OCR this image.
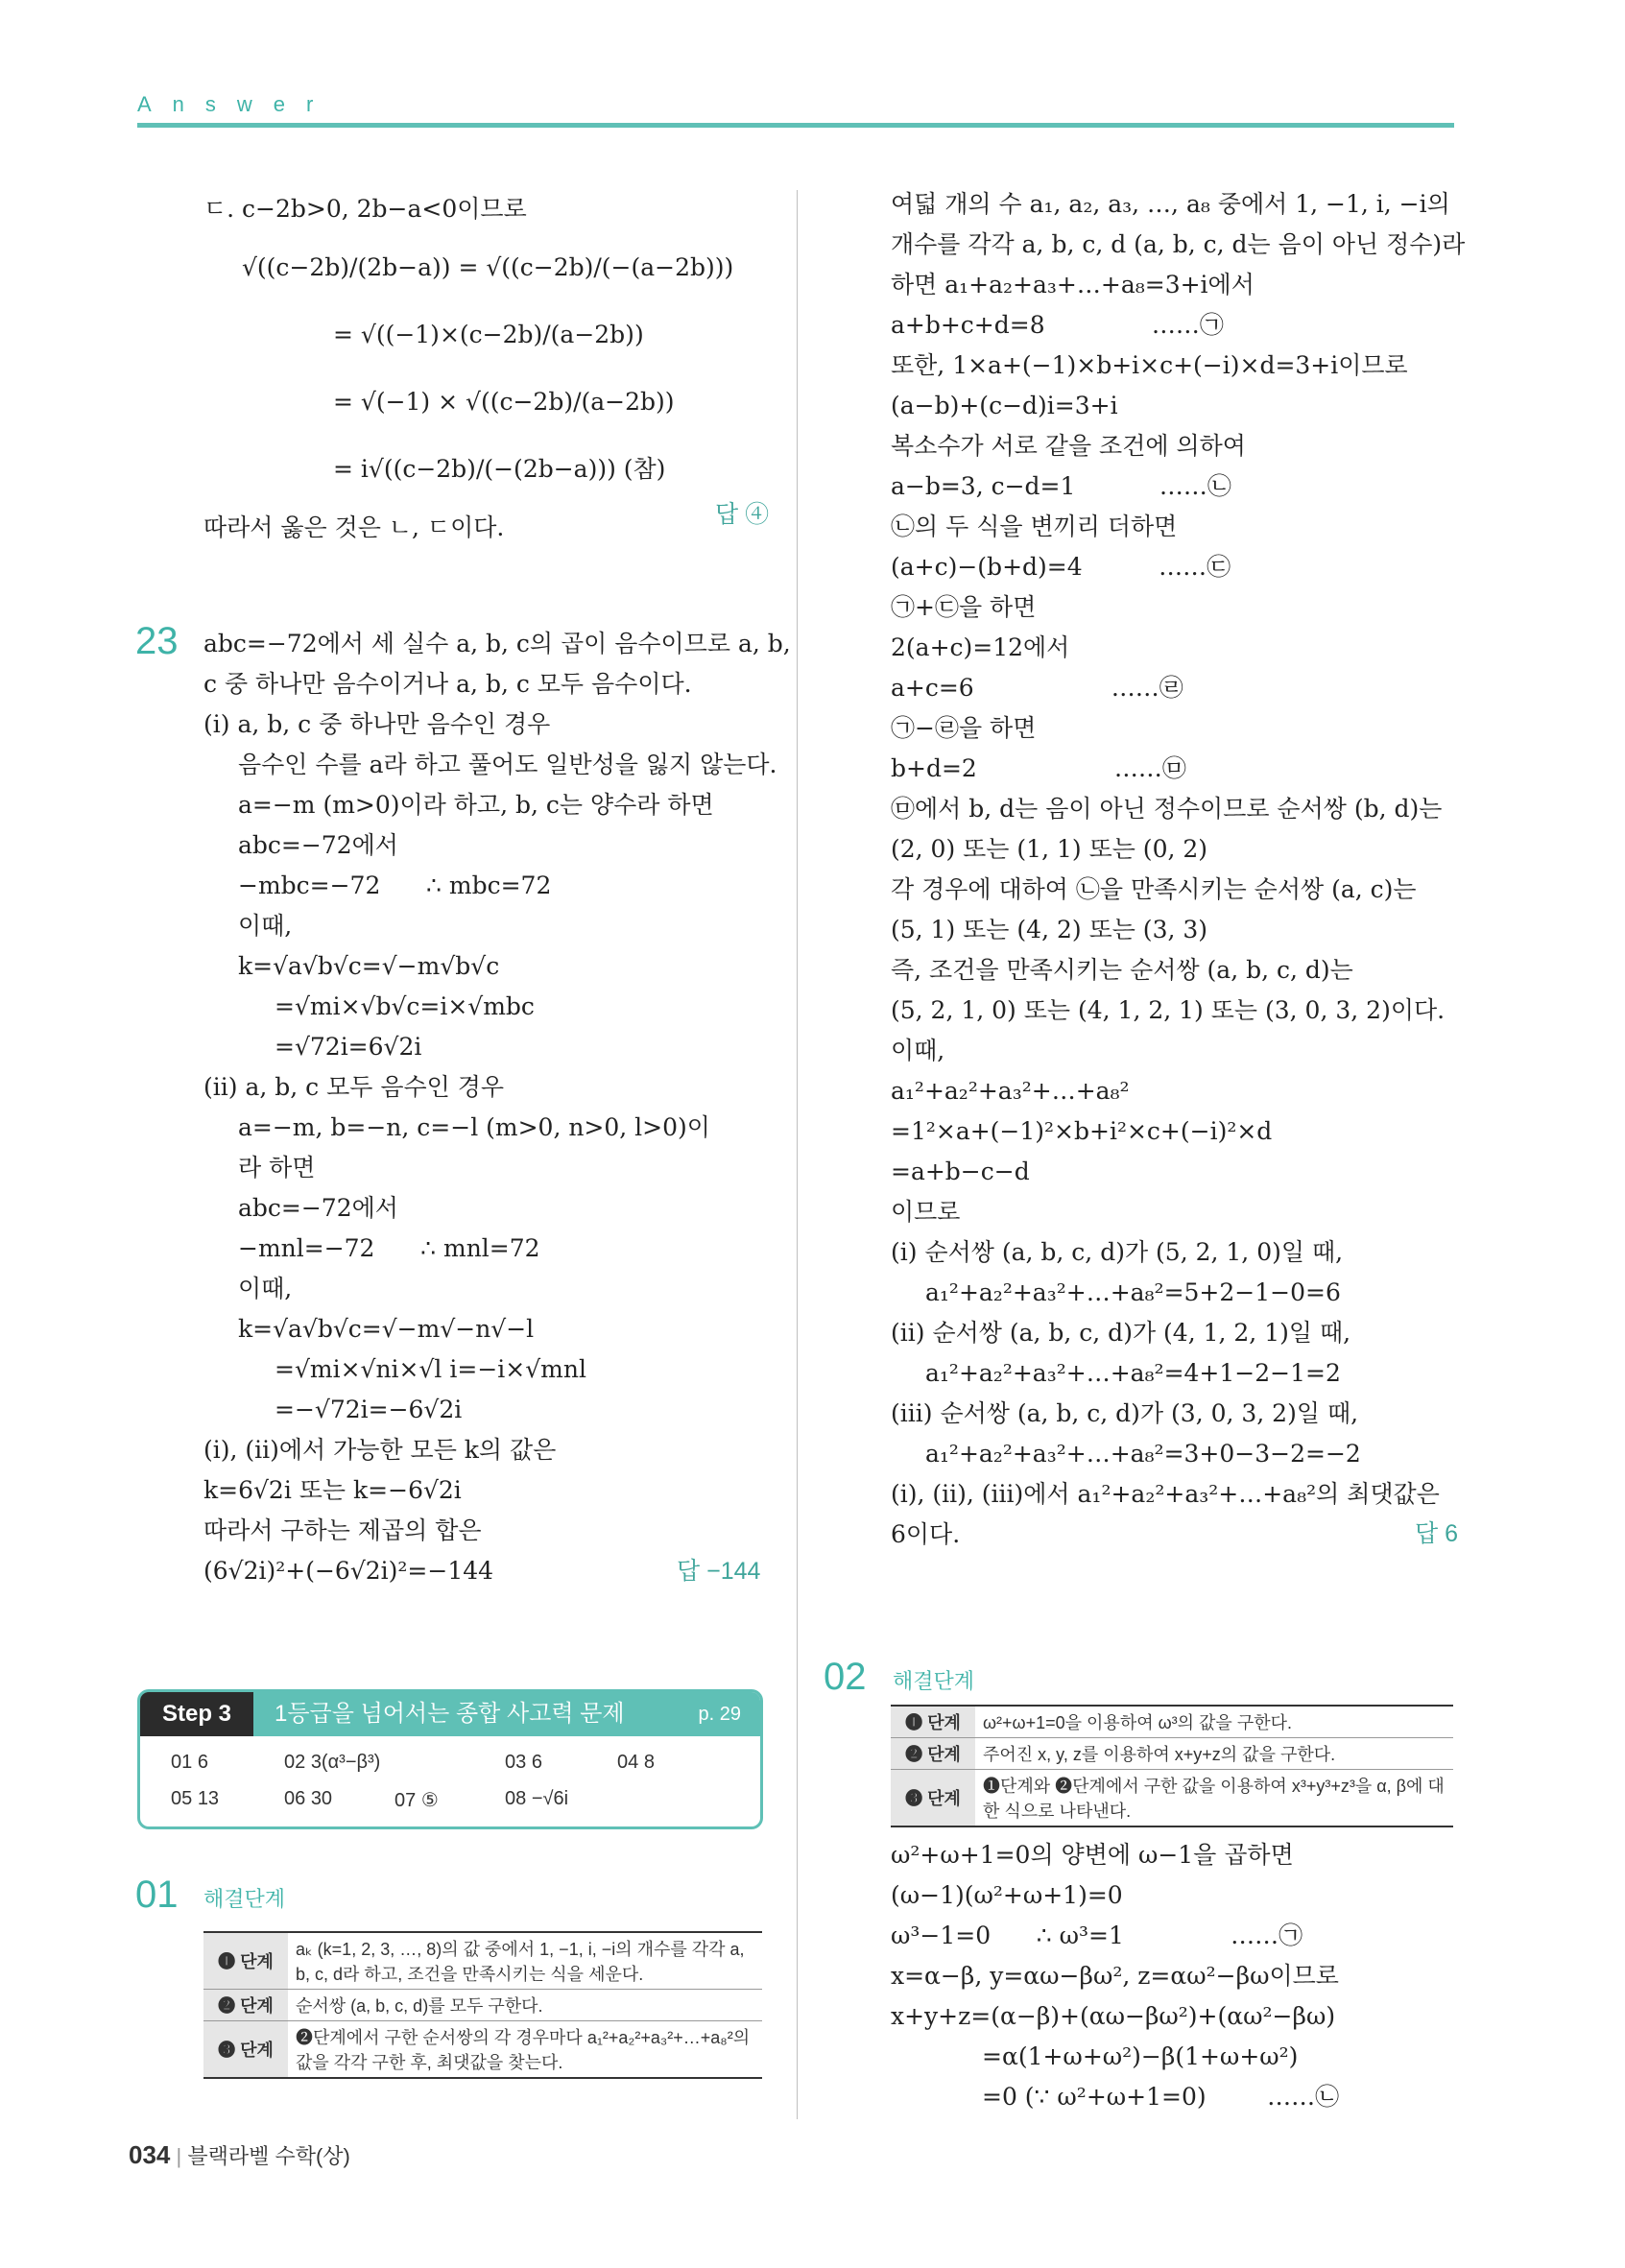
Answer
ㄷ. c−2b>0, 2b−a<0이므로
√((c−2b)/(2b−a)) = √((c−2b)/(−(a−2b)))
= √((−1)×(c−2b)/(a−2b))
= √(−1) × √((c−2b)/(a−2b))
= i√((c−2b)/(−(2b−a))) (참)
따라서 옳은 것은 ㄴ, ㄷ이다.	답 ④
23 abc=−72에서 세 실수 a, b, c의 곱이 음수이므로 a, b,
c 중 하나만 음수이거나 a, b, c 모두 음수이다.
(i) a, b, c 중 하나만 음수인 경우
음수인 수를 a라 하고 풀어도 일반성을 잃지 않는다.
a=−m (m>0)이라 하고, b, c는 양수라 하면
abc=−72에서
−mbc=−72      ∴ mbc=72
이때,
k=√a√b√c=√−m√b√c
=√mi×√b√c=i×√mbc
=√72i=6√2i
(ii) a, b, c 모두 음수인 경우
a=−m, b=−n, c=−l (m>0, n>0, l>0)이
라 하면
abc=−72에서
−mnl=−72      ∴ mnl=72
이때,
k=√a√b√c=√−m√−n√−l
=√mi×√ni×√l i=−i×√mnl
=−√72i=−6√2i
(i), (ii)에서 가능한 모든 k의 값은
k=6√2i 또는 k=−6√2i
따라서 구하는 제곱의 합은
(6√2i)²+(−6√2i)²=−144	답 −144
Step 3	1등급을 넘어서는 종합 사고력 문제	p. 29
01 6	02 3(α³−β³)	03 6	04 8
05 13	06 30	07 ⑤	08 −√6i
01 해결단계
❶ 단계	aₖ (k=1, 2, 3, …, 8)의 값 중에서 1, −1, i, −i의 개수를 각각 a, b, c, d라 하고, 조건을 만족시키는 식을 세운다.
❷ 단계	순서쌍 (a, b, c, d)를 모두 구한다.
❸ 단계	❷단계에서 구한 순서쌍의 각 경우마다 a₁²+a₂²+a₃²+…+a₈²의 값을 각각 구한 후, 최댓값을 찾는다.
여덟 개의 수 a₁, a₂, a₃, …, a₈ 중에서 1, −1, i, −i의
개수를 각각 a, b, c, d (a, b, c, d는 음이 아닌 정수)라
하면 a₁+a₂+a₃+…+a₈=3+i에서
a+b+c+d=8              ……㉠
또한, 1×a+(−1)×b+i×c+(−i)×d=3+i이므로
(a−b)+(c−d)i=3+i
복소수가 서로 같을 조건에 의하여
a−b=3, c−d=1           ……㉡
㉡의 두 식을 변끼리 더하면
(a+c)−(b+d)=4          ……㉢
㉠+㉢을 하면
2(a+c)=12에서
a+c=6                  ……㉣
㉠−㉣을 하면
b+d=2                  ……㉤
㉤에서 b, d는 음이 아닌 정수이므로 순서쌍 (b, d)는
(2, 0) 또는 (1, 1) 또는 (0, 2)
각 경우에 대하여 ㉡을 만족시키는 순서쌍 (a, c)는
(5, 1) 또는 (4, 2) 또는 (3, 3)
즉, 조건을 만족시키는 순서쌍 (a, b, c, d)는
(5, 2, 1, 0) 또는 (4, 1, 2, 1) 또는 (3, 0, 3, 2)이다.
이때,
a₁²+a₂²+a₃²+…+a₈²
=1²×a+(−1)²×b+i²×c+(−i)²×d
=a+b−c−d
이므로
(i) 순서쌍 (a, b, c, d)가 (5, 2, 1, 0)일 때,
a₁²+a₂²+a₃²+…+a₈²=5+2−1−0=6
(ii) 순서쌍 (a, b, c, d)가 (4, 1, 2, 1)일 때,
a₁²+a₂²+a₃²+…+a₈²=4+1−2−1=2
(iii) 순서쌍 (a, b, c, d)가 (3, 0, 3, 2)일 때,
a₁²+a₂²+a₃²+…+a₈²=3+0−3−2=−2
(i), (ii), (iii)에서 a₁²+a₂²+a₃²+…+a₈²의 최댓값은
6이다.	답 6
02 해결단계
❶ 단계	ω²+ω+1=0을 이용하여 ω³의 값을 구한다.
❷ 단계	주어진 x, y, z를 이용하여 x+y+z의 값을 구한다.
❸ 단계	❶단계와 ❷단계에서 구한 값을 이용하여 x³+y³+z³을 α, β에 대한 식으로 나타낸다.
ω²+ω+1=0의 양변에 ω−1을 곱하면
(ω−1)(ω²+ω+1)=0
ω³−1=0      ∴ ω³=1              ……㉠
x=α−β, y=αω−βω², z=αω²−βω이므로
x+y+z=(α−β)+(αω−βω²)+(αω²−βω)
=α(1+ω+ω²)−β(1+ω+ω²)
=0 (∵ ω²+ω+1=0)        ……㉡
034 | 블랙라벨 수학(상)
